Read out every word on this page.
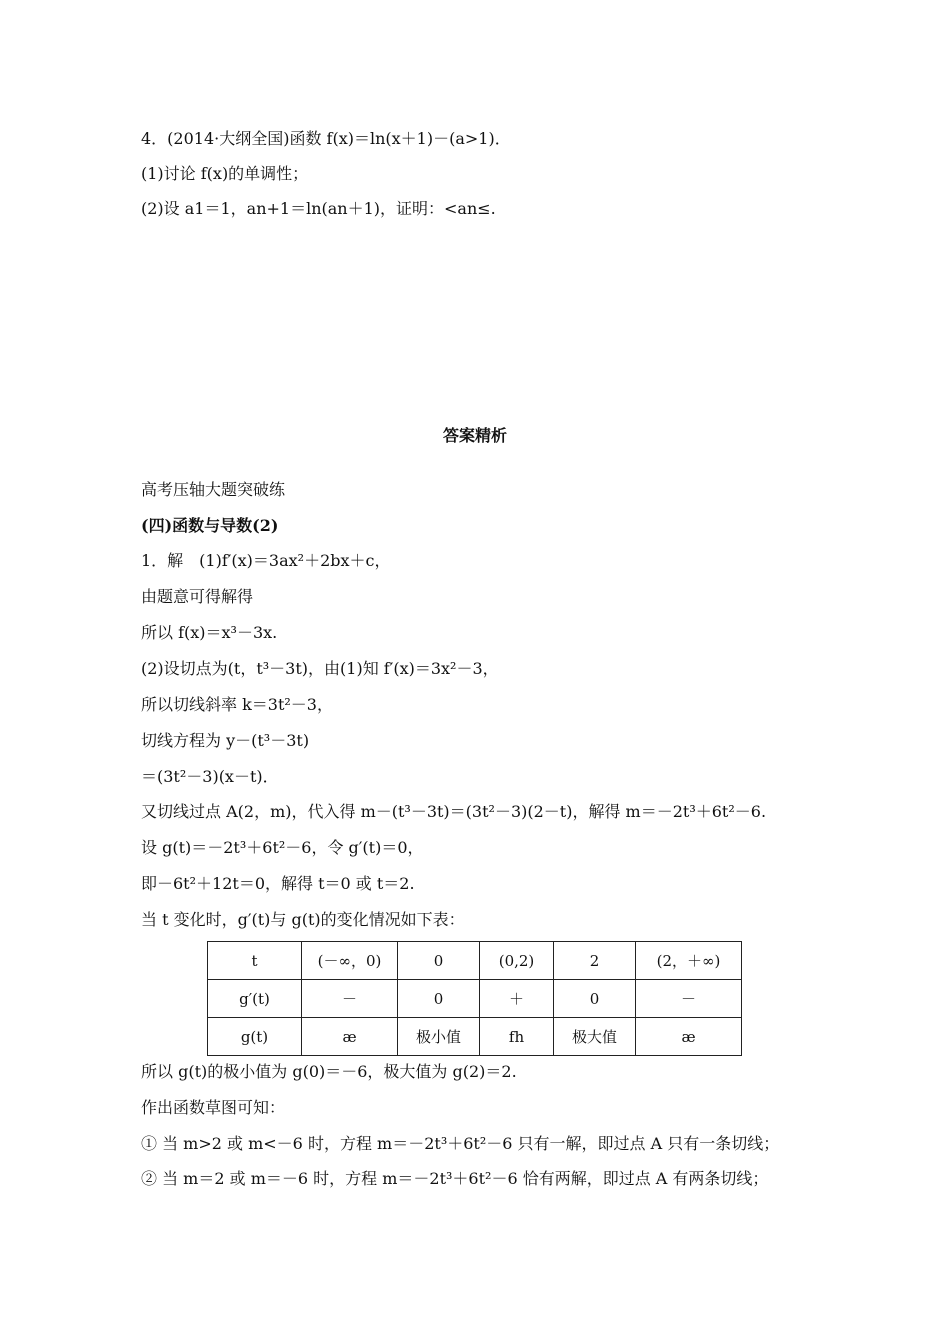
4．(2014·大纲全国)函数 f(x)＝ln(x＋1)－(a>1)．
(1)讨论 f(x)的单调性；
(2)设 a1＝1，an+1＝ln(an＋1)，证明：<an≤.
答案精析
高考压轴大题突破练
(四)函数与导数(2)
1．解　(1)f′(x)＝3ax²＋2bx＋c，
由题意可得解得
所以 f(x)＝x³－3x.
(2)设切点为(t，t³－3t)，由(1)知 f′(x)＝3x²－3，
所以切线斜率 k＝3t²－3，
切线方程为 y－(t³－3t)
＝(3t²－3)(x－t)．
又切线过点 A(2，m)，代入得 m－(t³－3t)＝(3t²－3)(2－t)，解得 m＝－2t³＋6t²－6.
设 g(t)＝－2t³＋6t²－6，令 g′(t)＝0，
即－6t²＋12t＝0，解得 t＝0 或 t＝2.
当 t 变化时，g′(t)与 g(t)的变化情况如下表：
t	(－∞，0)	0	(0,2)	2	(2，＋∞)
g′(t)	－	0	＋	0	－
g(t)	æ	极小值	fh	极大值	æ
所以 g(t)的极小值为 g(0)＝－6，极大值为 g(2)＝2.
作出函数草图可知：
① 当 m>2 或 m<－6 时，方程 m＝－2t³＋6t²－6 只有一解，即过点 A 只有一条切线；
② 当 m＝2 或 m＝－6 时，方程 m＝－2t³＋6t²－6 恰有两解，即过点 A 有两条切线；
